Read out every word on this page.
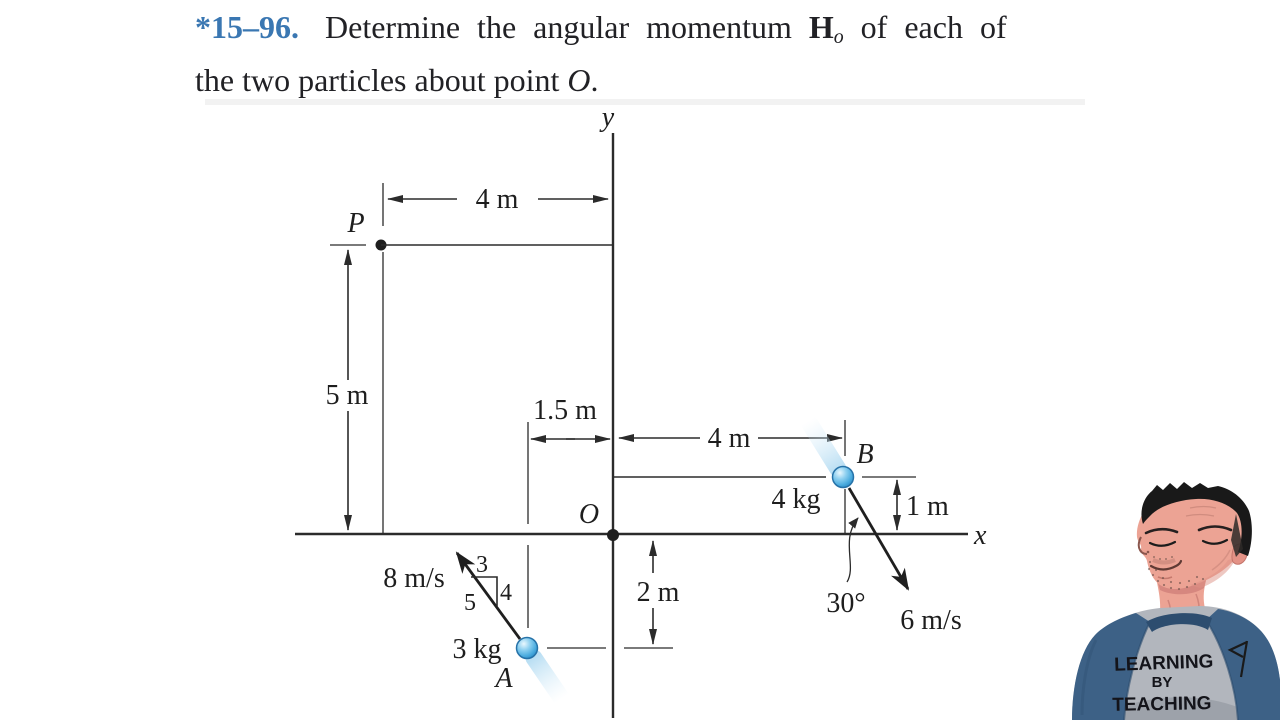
*15–96. Determine the angular momentum Ho of each of
the two particles about point O.
y
x
O
P
4 m
5 m	1.5 m
4 m
1 m
2 m
3
4
5
8 m/s
3 kg
A
B
4 kg
30°
6 m/s
LEARNING
BY
TEACHING
